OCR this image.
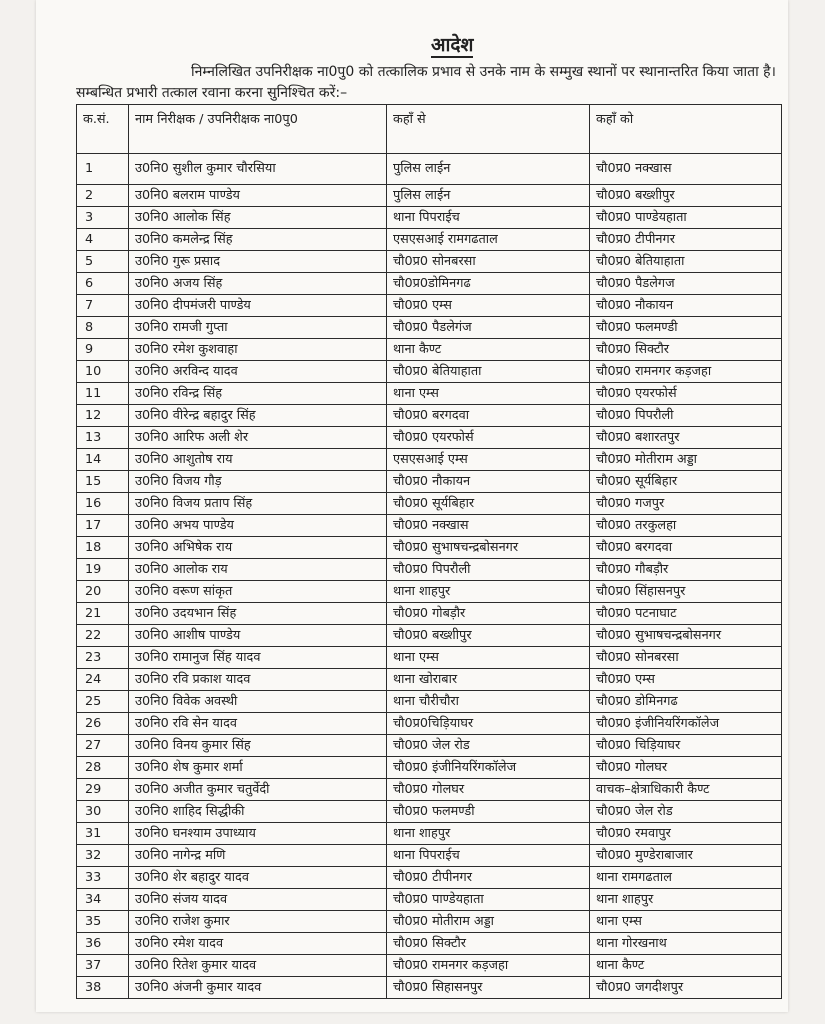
आदेश
निम्नलिखित उपनिरीक्षक ना0पु0 को तत्कालिक प्रभाव से उनके नाम के सम्मुख स्थानों पर स्थानान्तरित किया जाता है। सम्बन्धित प्रभारी तत्काल रवाना करना सुनिश्चित करें:–
क.सं.	नाम निरीक्षक / उपनिरीक्षक ना0पु0	कहाँ से	कहाँ को
1	उ0नि0 सुशील कुमार चौरसिया	पुलिस लाईन	चौ0प्र0 नक्खास
2	उ0नि0 बलराम पाण्डेय	पुलिस लाईन	चौ0प्र0 बख्शीपुर
3	उ0नि0 आलोक सिंह	थाना पिपराईच	चौ0प्र0 पाण्डेयहाता
4	उ0नि0 कमलेन्द्र सिंह	एसएसआई रामगढताल	चौ0प्र0 टीपीनगर
5	उ0नि0 गुरू प्रसाद	चौ0प्र0 सोनबरसा	चौ0प्र0 बेतियाहाता
6	उ0नि0 अजय सिंह	चौ0प्र0डोमिनगढ	चौ0प्र0 पैडलेगज
7	उ0नि0 दीपमंजरी पाण्डेय	चौ0प्र0 एम्स	चौ0प्र0 नौकायन
8	उ0नि0 रामजी गुप्ता	चौ0प्र0 पैडलेगंज	चौ0प्र0 फलमण्डी
9	उ0नि0 रमेश कुशवाहा	थाना कैण्ट	चौ0प्र0 सिक्टौर
10	उ0नि0 अरविन्द यादव	चौ0प्र0 बेतियाहाता	चौ0प्र0 रामनगर कड़जहा
11	उ0नि0 रविन्द्र सिंह	थाना एम्स	चौ0प्र0 एयरफोर्स
12	उ0नि0 वीरेन्द्र बहादुर सिंह	चौ0प्र0 बरगदवा	चौ0प्र0 पिपरौली
13	उ0नि0 आरिफ अली शेर	चौ0प्र0 एयरफोर्स	चौ0प्र0 बशारतपुर
14	उ0नि0 आशुतोष राय	एसएसआई एम्स	चौ0प्र0 मोतीराम अड्डा
15	उ0नि0 विजय गौड़	चौ0प्र0 नौकायन	चौ0प्र0 सूर्यबिहार
16	उ0नि0 विजय प्रताप सिंह	चौ0प्र0 सूर्यबिहार	चौ0प्र0 गजपुर
17	उ0नि0 अभय पाण्डेय	चौ0प्र0 नक्खास	चौ0प्र0 तरकुलहा
18	उ0नि0 अभिषेक राय	चौ0प्र0 सुभाषचन्द्रबोसनगर	चौ0प्र0 बरगदवा
19	उ0नि0 आलोक राय	चौ0प्र0 पिपरौली	चौ0प्र0 गौबड़ौर
20	उ0नि0 वरूण सांकृत	थाना शाहपुर	चौ0प्र0 सिंहासनपुर
21	उ0नि0 उदयभान सिंह	चौ0प्र0 गोबड़ौर	चौ0प्र0 पटनाघाट
22	उ0नि0 आशीष पाण्डेय	चौ0प्र0 बख्शीपुर	चौ0प्र0 सुभाषचन्द्रबोसनगर
23	उ0नि0 रामानुज सिंह यादव	थाना एम्स	चौ0प्र0 सोनबरसा
24	उ0नि0 रवि प्रकाश यादव	थाना खोराबार	चौ0प्र0 एम्स
25	उ0नि0 विवेक अवस्थी	थाना चौरीचौरा	चौ0प्र0 डोमिनगढ
26	उ0नि0 रवि सेन यादव	चौ0प्र0चिड़ियाघर	चौ0प्र0 इंजीनियरिंगकॉलेज
27	उ0नि0 विनय कुमार सिंह	चौ0प्र0 जेल रोड	चौ0प्र0 चिड़ियाघर
28	उ0नि0 शेष कुमार शर्मा	चौ0प्र0 इंजीनियरिंगकॉलेज	चौ0प्र0 गोलघर
29	उ0नि0 अजीत कुमार चतुर्वेदी	चौ0प्र0 गोलघर	वाचक–क्षेत्राधिकारी कैण्ट
30	उ0नि0 शाहिद सिद्धीकी	चौ0प्र0 फलमण्डी	चौ0प्र0 जेल रोड
31	उ0नि0 घनश्याम उपाध्याय	थाना शाहपुर	चौ0प्र0 रमवापुर
32	उ0नि0 नागेन्द्र मणि	थाना पिपराईच	चौ0प्र0 मुण्डेराबाजार
33	उ0नि0 शेर बहादुर यादव	चौ0प्र0 टीपीनगर	थाना रामगढताल
34	उ0नि0 संजय यादव	चौ0प्र0 पाण्डेयहाता	थाना शाहपुर
35	उ0नि0 राजेश कुमार	चौ0प्र0 मोतीराम अड्डा	थाना एम्स
36	उ0नि0 रमेश यादव	चौ0प्र0 सिक्टौर	थाना गोरखनाथ
37	उ0नि0 रितेश कुमार यादव	चौ0प्र0 रामनगर कड़जहा	थाना कैण्ट
38	उ0नि0 अंजनी कुमार यादव	चौ0प्र0 सिहासनपुर	चौ0प्र0 जगदीशपुर
